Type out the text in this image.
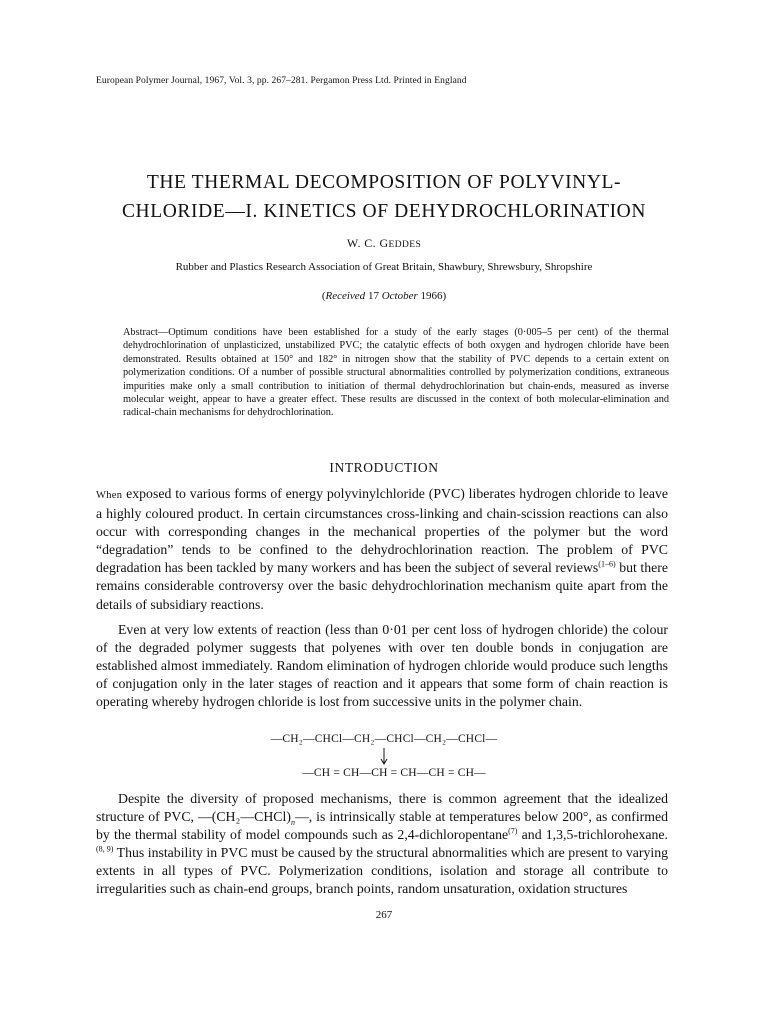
European Polymer Journal, 1967, Vol. 3, pp. 267–281. Pergamon Press Ltd. Printed in England
THE THERMAL DECOMPOSITION OF POLYVINYL-
CHLORIDE—I. KINETICS OF DEHYDROCHLORINATION
W. C. GEDDES
Rubber and Plastics Research Association of Great Britain, Shawbury, Shrewsbury, Shropshire
(Received 17 October 1966)

Abstract—Optimum conditions have been established for a study of the early stages (0·005–5 per cent) of the thermal dehydrochlorination of unplasticized, unstabilized PVC; the catalytic effects of both oxygen and hydrogen chloride have been demonstrated. Results obtained at 150° and 182° in nitrogen show that the stability of PVC depends to a certain extent on polymerization conditions. Of a number of possible structural abnormalities controlled by polymerization conditions, extraneous impurities make only a small contribution to initiation of thermal dehydrochlorination but chain-ends, measured as inverse molecular weight, appear to have a greater effect. These results are discussed in the context of both molecular-elimination and radical-chain mechanisms for dehydrochlorination.

INTRODUCTION

When exposed to various forms of energy polyvinylchloride (PVC) liberates hydrogen chloride to leave a highly coloured product. In certain circumstances cross-linking and chain-scission reactions can also occur with corresponding changes in the mechanical properties of the polymer but the word “degradation” tends to be confined to the dehydrochlorination reaction. The problem of PVC degradation has been tackled by many workers and has been the subject of several reviews$^{(1-6)}$ but there remains considerable controversy over the basic dehydrochlorination mechanism quite apart from the details of subsidiary reactions.

Even at very low extents of reaction (less than 0·01 per cent loss of hydrogen chloride) the colour of the degraded polymer suggests that polyenes with over ten double bonds in conjugation are established almost immediately. Random elimination of hydrogen chloride would produce such lengths of conjugation only in the later stages of reaction and it appears that some form of chain reaction is operating whereby hydrogen chloride is lost from successive units in the polymer chain.

—CH₂—CHCl—CH₂—CHCl—CH₂—CHCl—
—CH = CH—CH = CH—CH = CH—

Despite the diversity of proposed mechanisms, there is common agreement that the idealized structure of PVC, $—(CH_2—CHCl)_n—$, is intrinsically stable at temperatures below 200°, as confirmed by the thermal stability of model compounds such as 2,4-dichloropentane$^{(7)}$ and 1,3,5-trichlorohexane.$^{(8, 9)}$ Thus instability in PVC must be caused by the structural abnormalities which are present to varying extents in all types of PVC. Polymerization conditions, isolation and storage all contribute to irregularities such as chain-end groups, branch points, random unsaturation, oxidation structures

267
